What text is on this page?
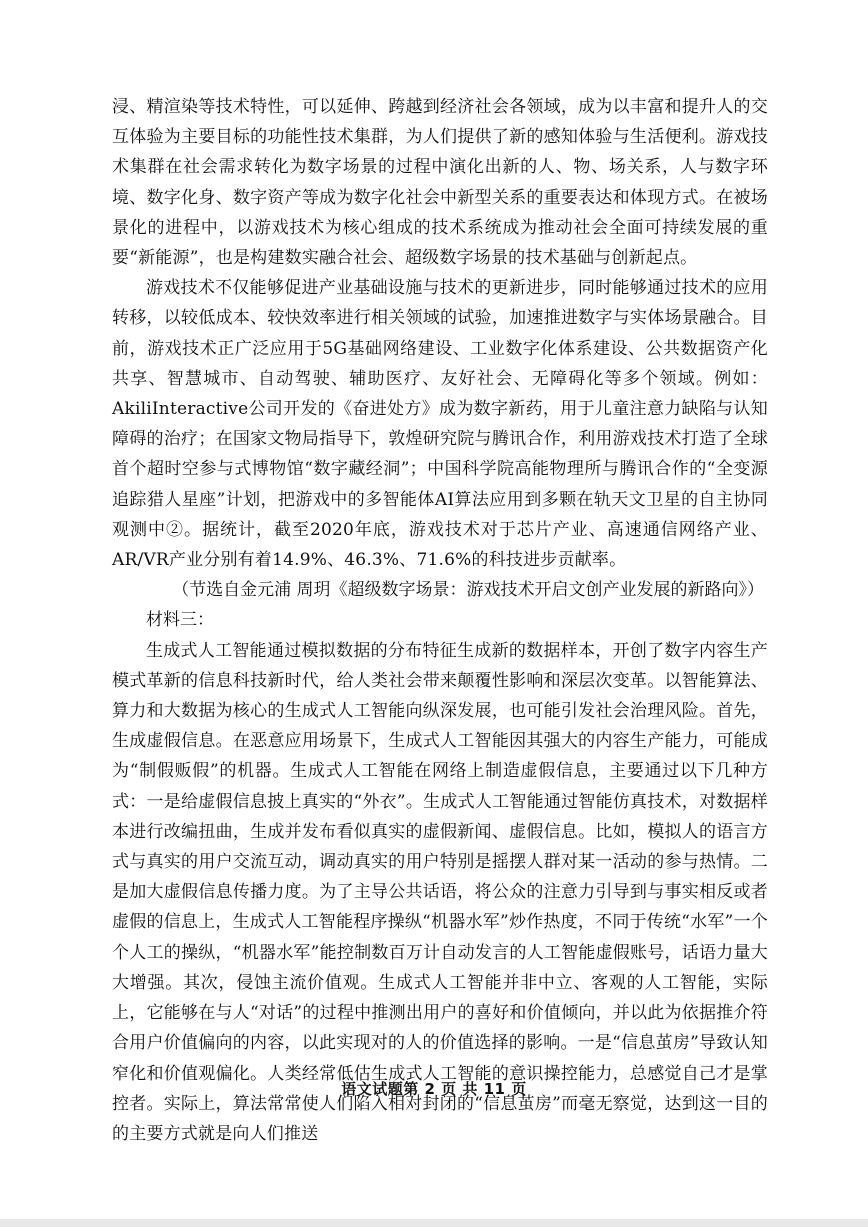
浸、精渲染等技术特性，可以延伸、跨越到经济社会各领域，成为以丰富和提升人的交互体验为主要目标的功能性技术集群，为人们提供了新的感知体验与生活便利。游戏技术集群在社会需求转化为数字场景的过程中演化出新的人、物、场关系，人与数字环境、数字化身、数字资产等成为数字化社会中新型关系的重要表达和体现方式。在被场景化的进程中，以游戏技术为核心组成的技术系统成为推动社会全面可持续发展的重要“新能源”，也是构建数实融合社会、超级数字场景的技术基础与创新起点。

游戏技术不仅能够促进产业基础设施与技术的更新进步，同时能够通过技术的应用转移，以较低成本、较快效率进行相关领域的试验，加速推进数字与实体场景融合。目前，游戏技术正广泛应用于5G基础网络建设、工业数字化体系建设、公共数据资产化共享、智慧城市、自动驾驶、辅助医疗、友好社会、无障碍化等多个领域。例如：AkiliInteractive公司开发的《奋进处方》成为数字新药，用于儿童注意力缺陷与认知障碍的治疗；在国家文物局指导下，敦煌研究院与腾讯合作，利用游戏技术打造了全球首个超时空参与式博物馆“数字藏经洞”；中国科学院高能物理所与腾讯合作的“全变源追踪猎人星座”计划，把游戏中的多智能体AI算法应用到多颗在轨天文卫星的自主协同观测中②。据统计，截至2020年底，游戏技术对于芯片产业、高速通信网络产业、AR/VR产业分别有着14.9%、46.3%、71.6%的科技进步贡献率。

（节选自金元浦 周玥《超级数字场景：游戏技术开启文创产业发展的新路向》）

材料三：

生成式人工智能通过模拟数据的分布特征生成新的数据样本，开创了数字内容生产模式革新的信息科技新时代，给人类社会带来颠覆性影响和深层次变革。以智能算法、算力和大数据为核心的生成式人工智能向纵深发展，也可能引发社会治理风险。首先，生成虚假信息。在恶意应用场景下，生成式人工智能因其强大的内容生产能力，可能成为“制假贩假”的机器。生成式人工智能在网络上制造虚假信息，主要通过以下几种方式：一是给虚假信息披上真实的“外衣”。生成式人工智能通过智能仿真技术，对数据样本进行改编扭曲，生成并发布看似真实的虚假新闻、虚假信息。比如，模拟人的语言方式与真实的用户交流互动，调动真实的用户特别是摇摆人群对某一活动的参与热情。二是加大虚假信息传播力度。为了主导公共话语，将公众的注意力引导到与事实相反或者虚假的信息上，生成式人工智能程序操纵“机器水军”炒作热度，不同于传统“水军”一个个人工的操纵，“机器水军”能控制数百万计自动发言的人工智能虚假账号，话语力量大大增强。其次，侵蚀主流价值观。生成式人工智能并非中立、客观的人工智能，实际上，它能够在与人“对话”的过程中推测出用户的喜好和价值倾向，并以此为依据推介符合用户价值偏向的内容，以此实现对的人的价值选择的影响。一是“信息茧房”导致认知窄化和价值观偏化。人类经常低估生成式人工智能的意识操控能力，总感觉自己才是掌控者。实际上，算法常常使人们陷入相对封闭的“信息茧房”而毫无察觉，达到这一目的的主要方式就是向人们推送

语文试题第 2 页 共 11 页
